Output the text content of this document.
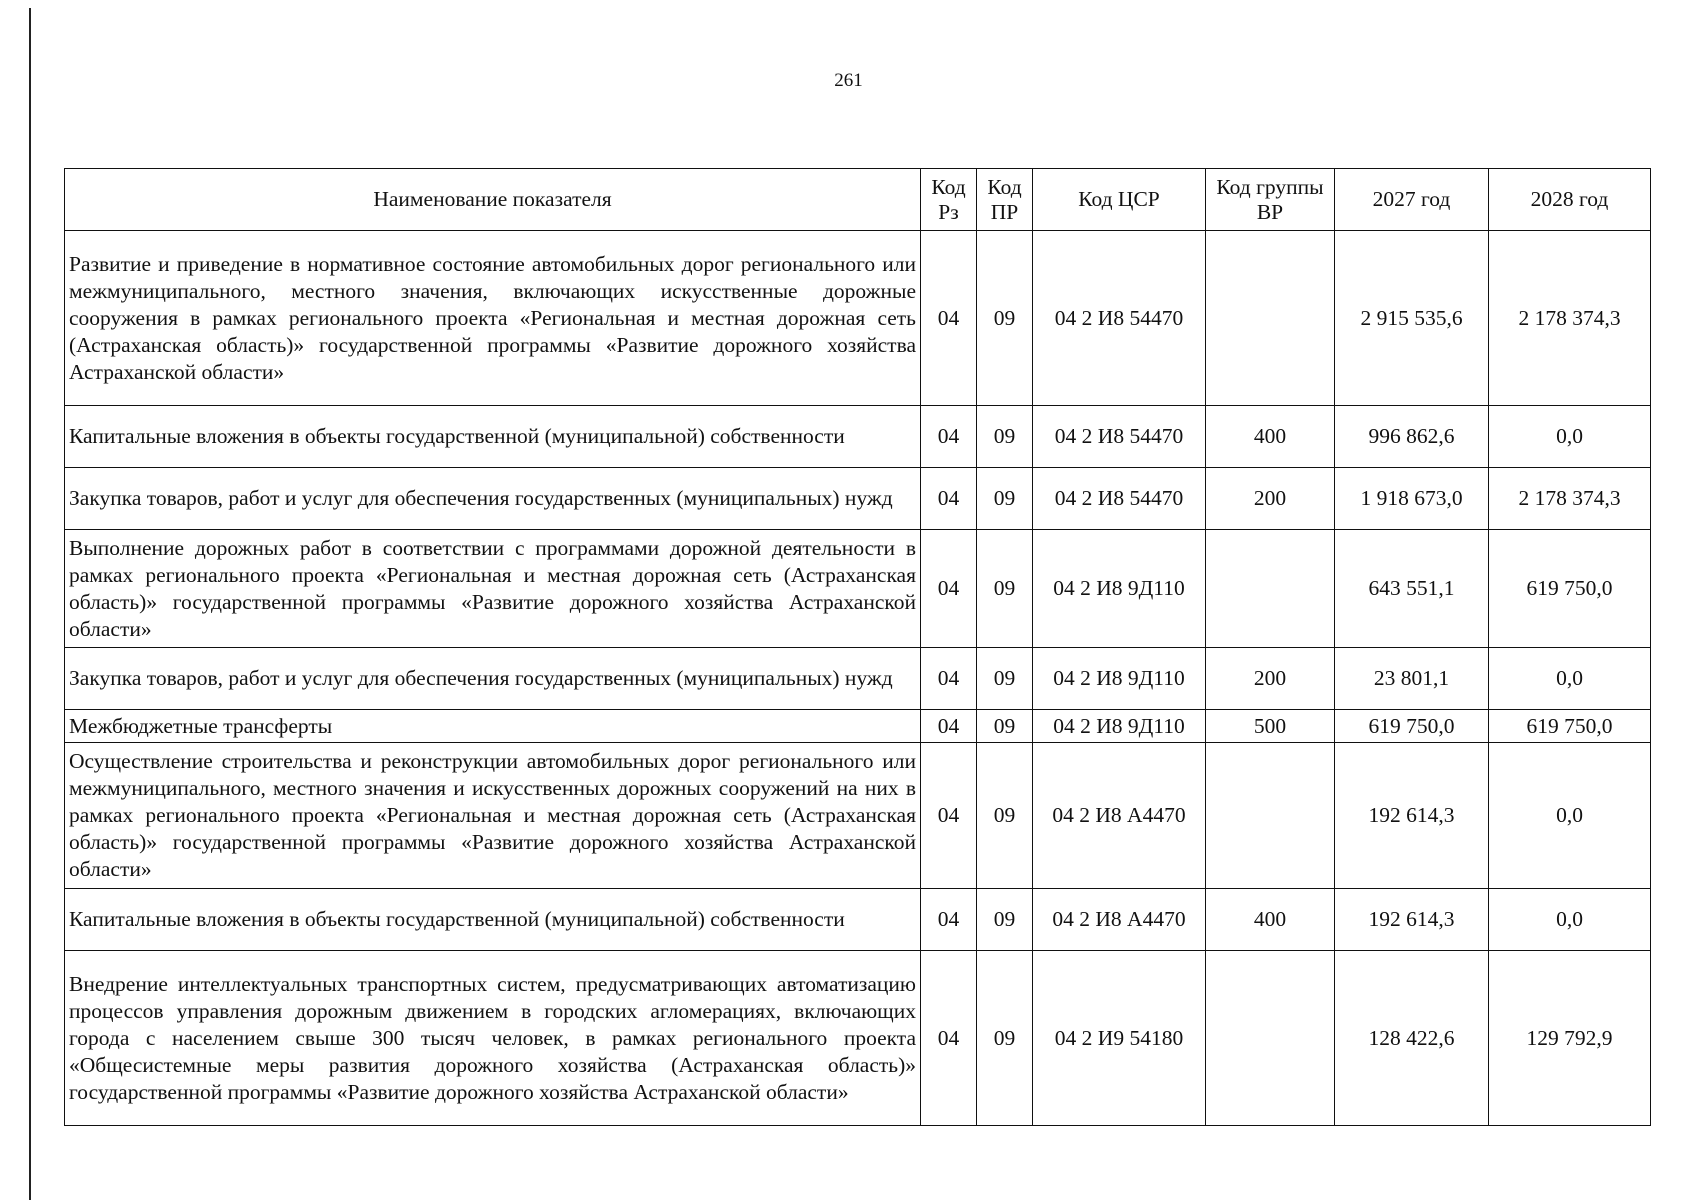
261
Наименование показателя	Код Рз	Код ПР	Код ЦСР	Код группы ВР	2027 год	2028 год
Развитие и приведение в нормативное состояние автомобильных дорог регионального или межмуниципального, местного значения, включающих искусственные дорожные сооружения в рамках регионального проекта «Региональная и местная дорожная сеть (Астраханская область)» государственной программы «Развитие дорожного хозяйства Астраханской области»	04	09	04 2 И8 54470		2 915 535,6	2 178 374,3
Капитальные вложения в объекты государственной (муниципальной) собственности	04	09	04 2 И8 54470	400	996 862,6	0,0
Закупка товаров, работ и услуг для обеспечения государственных (муниципальных) нужд	04	09	04 2 И8 54470	200	1 918 673,0	2 178 374,3
Выполнение дорожных работ в соответствии с программами дорожной деятельности в рамках регионального проекта «Региональная и местная дорожная сеть (Астраханская область)» государственной программы «Развитие дорожного хозяйства Астраханской области»	04	09	04 2 И8 9Д110		643 551,1	619 750,0
Закупка товаров, работ и услуг для обеспечения государственных (муниципальных) нужд	04	09	04 2 И8 9Д110	200	23 801,1	0,0
Межбюджетные трансферты	04	09	04 2 И8 9Д110	500	619 750,0	619 750,0
Осуществление строительства и реконструкции автомобильных дорог регионального или межмуниципального, местного значения и искусственных дорожных сооружений на них в рамках регионального проекта «Региональная и местная дорожная сеть (Астраханская область)» государственной программы «Развитие дорожного хозяйства Астраханской области»	04	09	04 2 И8 А4470		192 614,3	0,0
Капитальные вложения в объекты государственной (муниципальной) собственности	04	09	04 2 И8 А4470	400	192 614,3	0,0
Внедрение интеллектуальных транспортных систем, предусматривающих автоматизацию процессов управления дорожным движением в городских агломерациях, включающих города с населением свыше 300 тысяч человек, в рамках регионального проекта «Общесистемные меры развития дорожного хозяйства (Астраханская область)» государственной программы «Развитие дорожного хозяйства Астраханской области»	04	09	04 2 И9 54180		128 422,6	129 792,9
